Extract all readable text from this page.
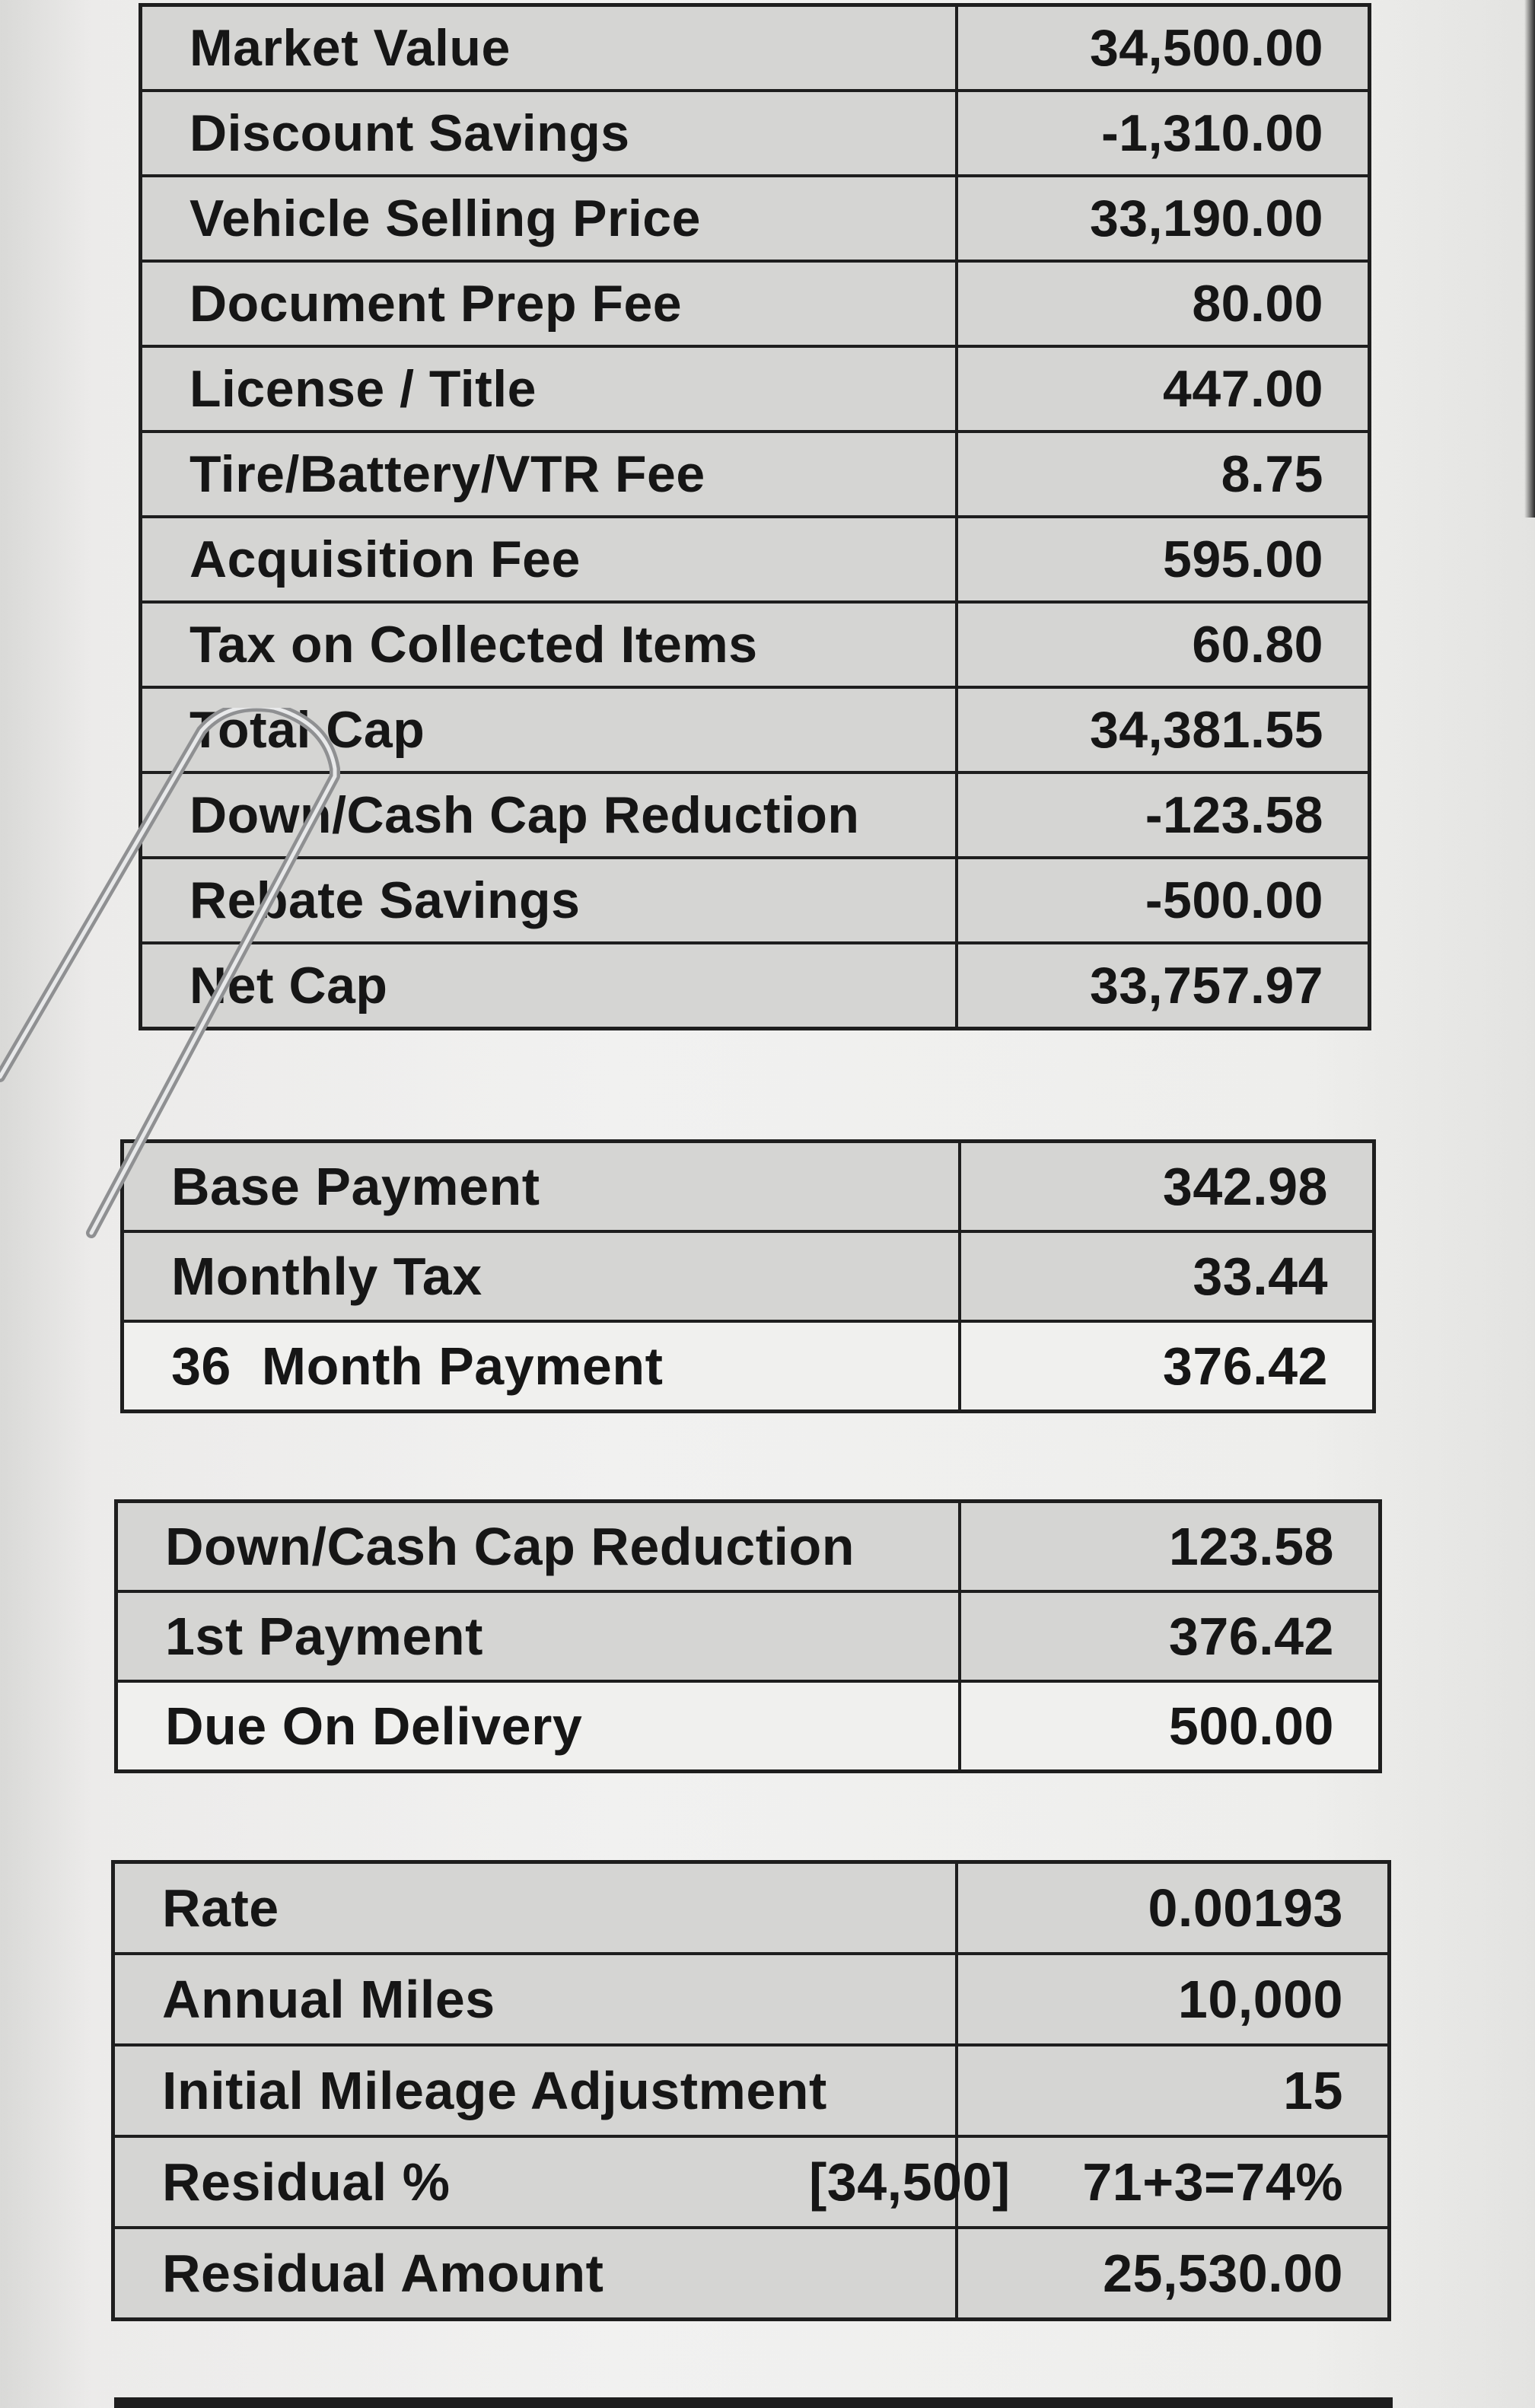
Market Value	34,500.00
Discount Savings	-1,310.00
Vehicle Selling Price	33,190.00
Document Prep Fee	80.00
License / Title	447.00
Tire/Battery/VTR Fee	8.75
Acquisition Fee	595.00
Tax on Collected Items	60.80
Total Cap	34,381.55
Down/Cash Cap Reduction	-123.58
Rebate Savings	-500.00
Net Cap	33,757.97
Base Payment	342.98
Monthly Tax	33.44
36  Month Payment	376.42
Down/Cash Cap Reduction	123.58
1st Payment	376.42
Due On Delivery	500.00
Rate	0.00193
Annual Miles	10,000
Initial Mileage Adjustment	15

Residual % [34,500]	71+3=74%
Residual Amount	25,530.00
